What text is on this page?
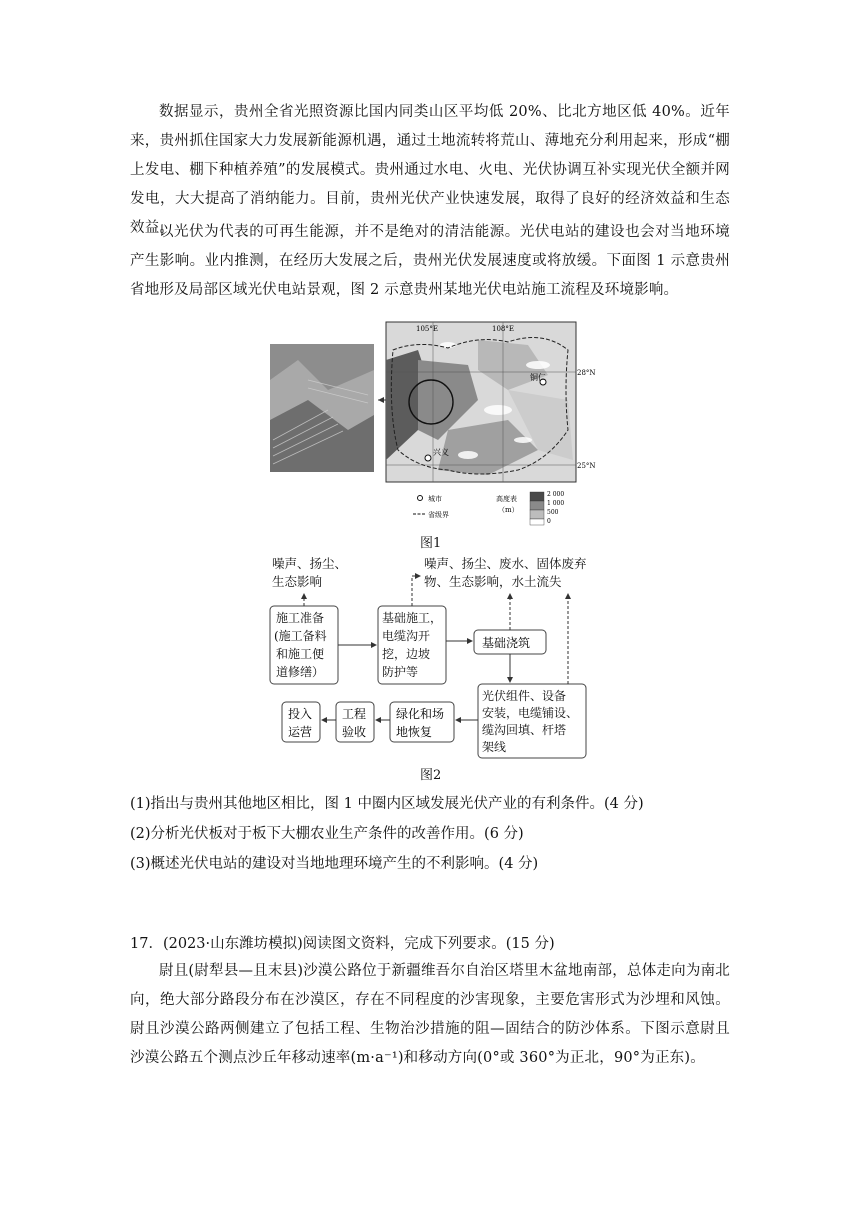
数据显示，贵州全省光照资源比国内同类山区平均低 20%、比北方地区低 40%。近年来，贵州抓住国家大力发展新能源机遇，通过土地流转将荒山、薄地充分利用起来，形成“棚上发电、棚下种植养殖”的发展模式。贵州通过水电、火电、光伏协调互补实现光伏全额并网发电，大大提高了消纳能力。目前，贵州光伏产业快速发展，取得了良好的经济效益和生态效益。
以光伏为代表的可再生能源，并不是绝对的清洁能源。光伏电站的建设也会对当地环境产生影响。业内推测，在经历大发展之后，贵州光伏发展速度或将放缓。下面图 1 示意贵州省地形及局部区域光伏电站景观，图 2 示意贵州某地光伏电站施工流程及环境影响。
105°E	108°E
28°N
25°N
铜仁
兴义
城市
省级界
高度表
（m）
2 000
1 000
500
0
图1
噪声、扬尘、
生态影响
噪声、扬尘、废水、固体废弃
物、生态影响，水土流失
施工准备
(施工备料
和施工便
道修缮）
基础施工，
电缆沟开
挖，边坡
防护等
基础浇筑
光伏组件、设备
安装，电缆铺设、
缆沟回填、杆塔
架线
绿化和场
地恢复
工程
验收
投入
运营
图2
(1)指出与贵州其他地区相比，图 1 中圈内区域发展光伏产业的有利条件。(4 分)
(2)分析光伏板对于板下大棚农业生产条件的改善作用。(6 分)
(3)概述光伏电站的建设对当地地理环境产生的不利影响。(4 分)
17．(2023·山东潍坊模拟)阅读图文资料，完成下列要求。(15 分)
尉且(尉犁县—且末县)沙漠公路位于新疆维吾尔自治区塔里木盆地南部，总体走向为南北向，绝大部分路段分布在沙漠区，存在不同程度的沙害现象，主要危害形式为沙埋和风蚀。尉且沙漠公路两侧建立了包括工程、生物治沙措施的阻—固结合的防沙体系。下图示意尉且沙漠公路五个测点沙丘年移动速率(m·a⁻¹)和移动方向(0°或 360°为正北，90°为正东)。
